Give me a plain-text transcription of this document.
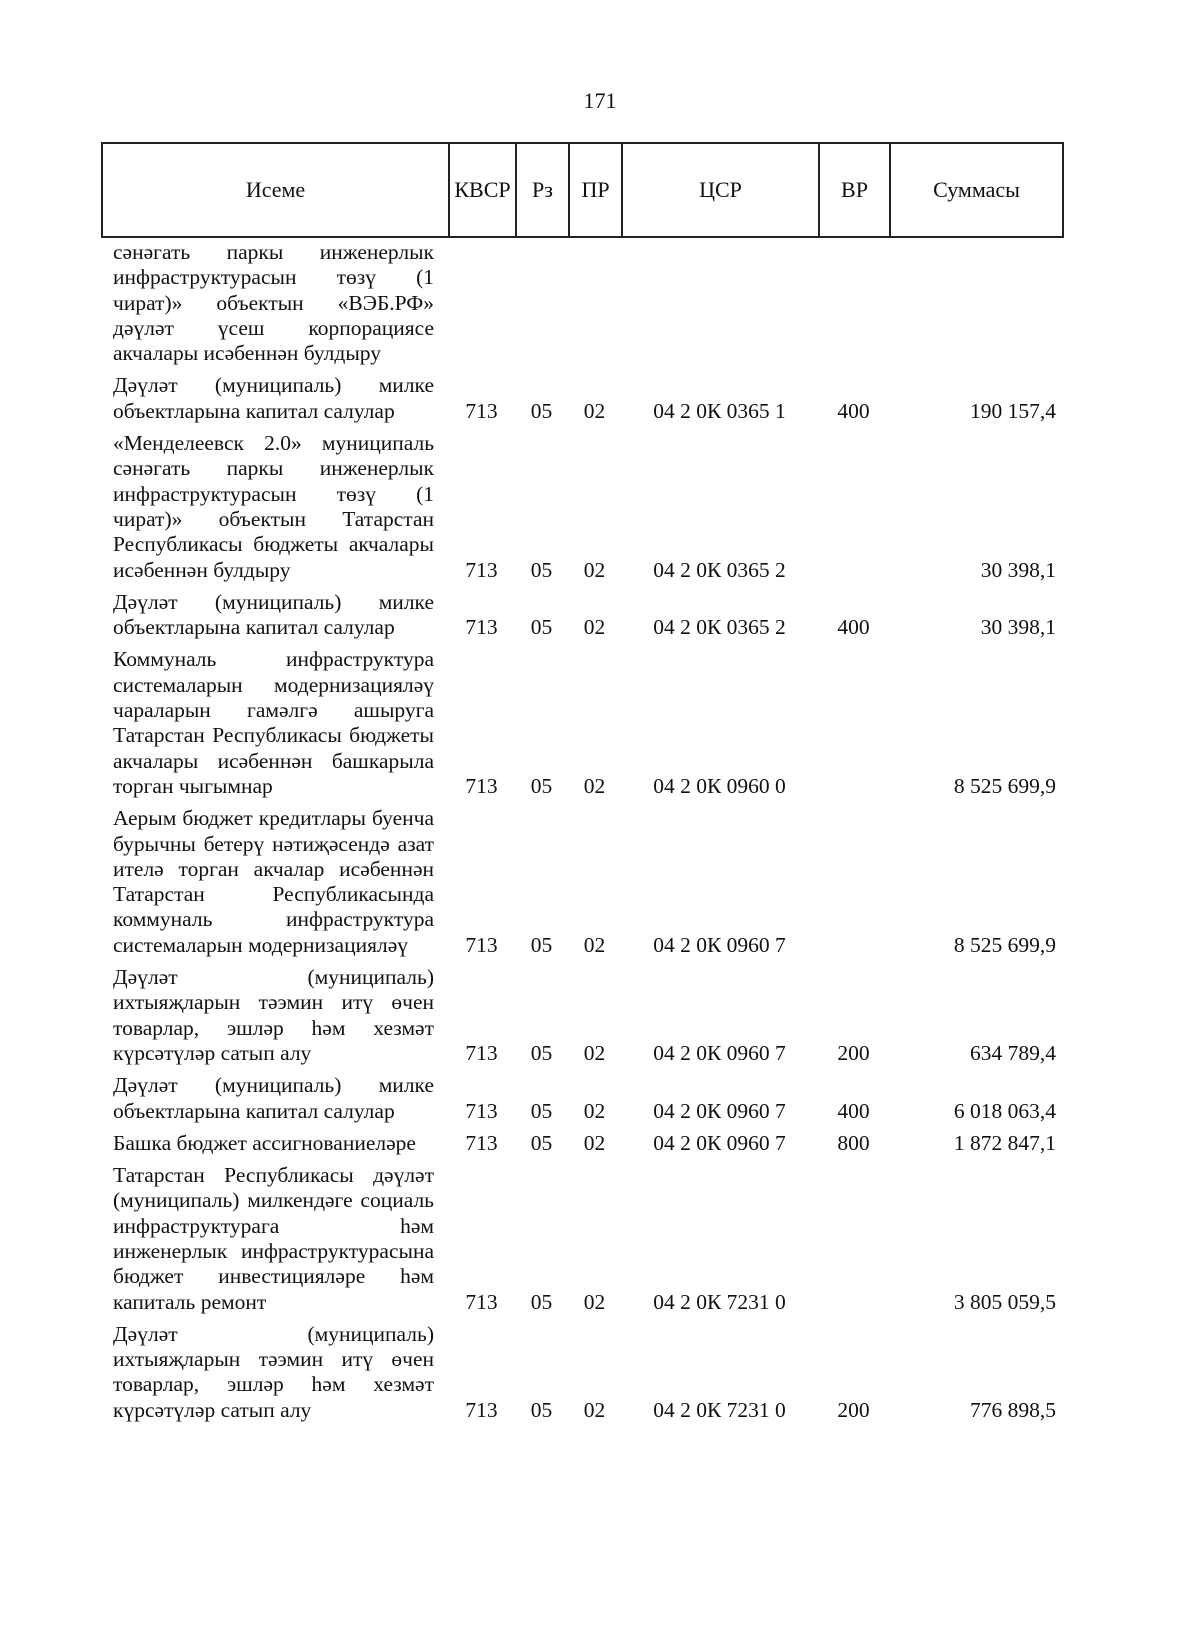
171
Исеме	КВСР	Рз	ПР	ЦСР	ВР	Суммасы
сәнәгать паркы инженерлык инфраструктурасын төзү (1 чират)» объектын «ВЭБ.РФ» дәүләт үсеш корпорациясе акчалары исәбеннән булдыру						

Дәүләт (муниципаль) милке объектларына капитал салулар	713	05	02	04 2 0К 0365 1	400	190 157,4

«Менделеевск 2.0» муниципаль сәнәгать паркы инженерлык инфраструктурасын төзү (1 чират)» объектын Татарстан Республикасы бюджеты акчалары исәбеннән булдыру	713	05	02	04 2 0К 0365 2		30 398,1

Дәүләт (муниципаль) милке объектларына капитал салулар	713	05	02	04 2 0К 0365 2	400	30 398,1

Коммуналь инфраструктура системаларын модернизацияләү чараларын гамәлгә ашыруга Татарстан Республикасы бюджеты акчалары исәбеннән башкарыла торган чыгымнар	713	05	02	04 2 0К 0960 0		8 525 699,9

Аерым бюджет кредитлары буенча бурычны бетерү нәтиҗәсендә азат ителә торган акчалар исәбеннән Татарстан Республикасында коммуналь инфраструктура системаларын модернизацияләү	713	05	02	04 2 0К 0960 7		8 525 699,9

Дәүләт (муниципаль) ихтыяҗларын тәэмин итү өчен товарлар, эшләр һәм хезмәт күрсәтүләр сатып алу	713	05	02	04 2 0К 0960 7	200	634 789,4

Дәүләт (муниципаль) милке объектларына капитал салулар	713	05	02	04 2 0К 0960 7	400	6 018 063,4

Башка бюджет ассигнованиеләре	713	05	02	04 2 0К 0960 7	800	1 872 847,1

Татарстан Республикасы дәүләт (муниципаль) милкендәге социаль инфраструктурага һәм инженерлык инфраструктурасына бюджет инвестицияләре һәм капиталь ремонт	713	05	02	04 2 0К 7231 0		3 805 059,5

Дәүләт (муниципаль) ихтыяҗларын тәэмин итү өчен товарлар, эшләр һәм хезмәт күрсәтүләр сатып алу	713	05	02	04 2 0К 7231 0	200	776 898,5
